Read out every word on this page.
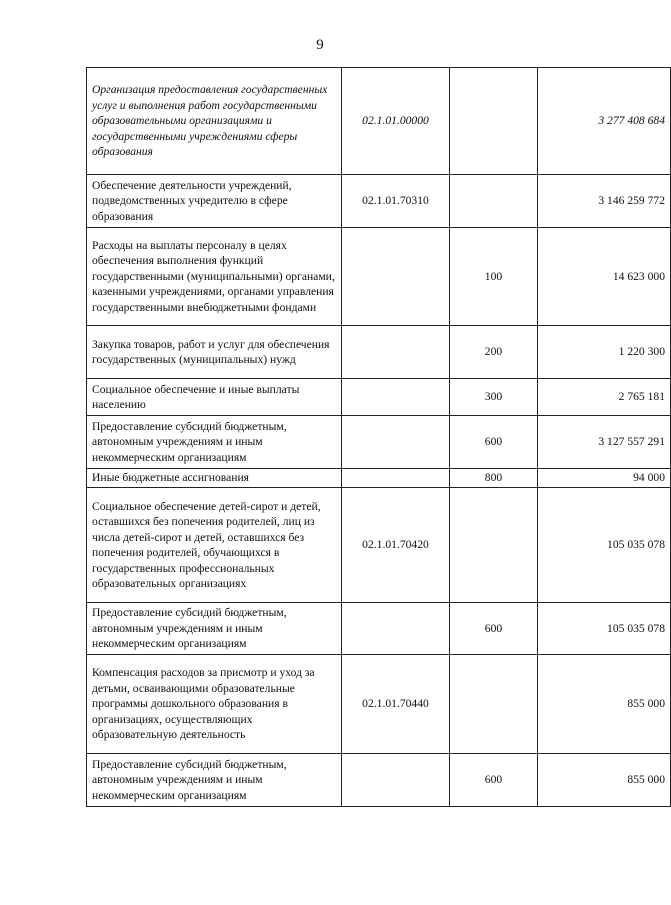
9
Организация предоставления государственных услуг и выполнения работ государственными образовательными организациями и государственными учреждениями сферы образования	02.1.01.00000		3 277 408 684
Обеспечение деятельности учреждений, подведомственных учредителю в сфере образования	02.1.01.70310		3 146 259 772
Расходы на выплаты персоналу в целях обеспечения выполнения функций государственными (муниципальными) органами, казенными учреждениями, органами управления государственными внебюджетными фондами		100	14 623 000
Закупка товаров, работ и услуг для обеспечения государственных (муниципальных) нужд		200	1 220 300
Социальное обеспечение и иные выплаты населению		300	2 765 181
Предоставление субсидий бюджетным, автономным учреждениям и иным некоммерческим организациям		600	3 127 557 291
Иные бюджетные ассигнования		800	94 000
Социальное обеспечение детей-сирот и детей, оставшихся без попечения родителей, лиц из числа детей-сирот и детей, оставшихся без попечения родителей, обучающихся в государственных профессиональных образовательных организациях	02.1.01.70420		105 035 078
Предоставление субсидий бюджетным, автономным учреждениям и иным некоммерческим организациям		600	105 035 078
Компенсация расходов за присмотр и уход за детьми, осваивающими образовательные программы дошкольного образования в организациях, осуществляющих образовательную деятельность	02.1.01.70440		855 000
Предоставление субсидий бюджетным, автономным учреждениям и иным некоммерческим организациям		600	855 000
